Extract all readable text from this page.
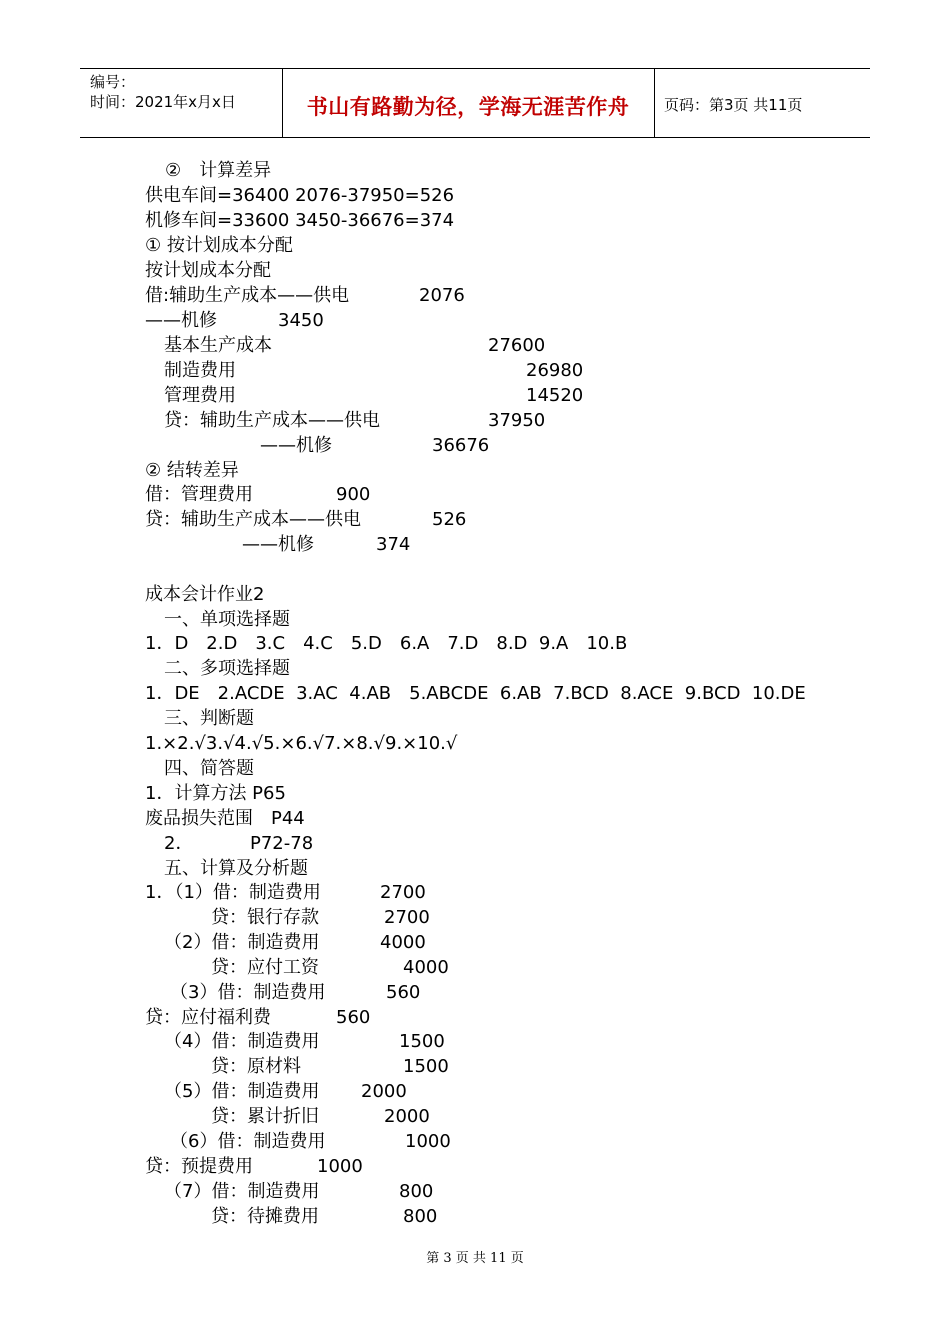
编号：
时间：2021年x月x日	书山有路勤为径，学海无涯苦作舟	页码：第3页 共11页
②　计算差异
供电车间=36400 2076-37950=526
机修车间=33600 3450-36676=374
① 按计划成本分配
按计划成本分配
借:辅助生产成本——供电	2076
——机修	3450
基本生产成本	27600
制造费用	26980
管理费用	14520
贷：辅助生产成本——供电	37950
——机修	36676
② 结转差异
借：管理费用	900
贷：辅助生产成本——供电	526
——机修	374
成本会计作业2
一、单项选择题
1．D　2.D　3.C　4.C　5.D　6.A　7.D　8.D  9.A　10.B
二、多项选择题
1．DE　2.ACDE  3.AC  4.AB　5.ABCDE  6.AB  7.BCD  8.ACE  9.BCD  10.DE
三、判断题
1.×2.√3.√4.√5.×6.√7.×8.√9.×10.√
四、简答题
1．计算方法 P65
废品损失范围　P44
2．	P72-78
五、计算及分析题
1．（1）借：制造费用	2700
贷：银行存款	2700
（2）借：制造费用	4000
贷：应付工资	4000
（3）借：制造费用	560
贷：应付福利费	560
（4）借：制造费用	1500
贷：原材料	1500
（5）借：制造费用 2000
贷：累计折旧	2000
（6）借：制造费用	1000
贷：预提费用	1000
（7）借：制造费用	800
贷：待摊费用	800
第 3 页 共 11 页
